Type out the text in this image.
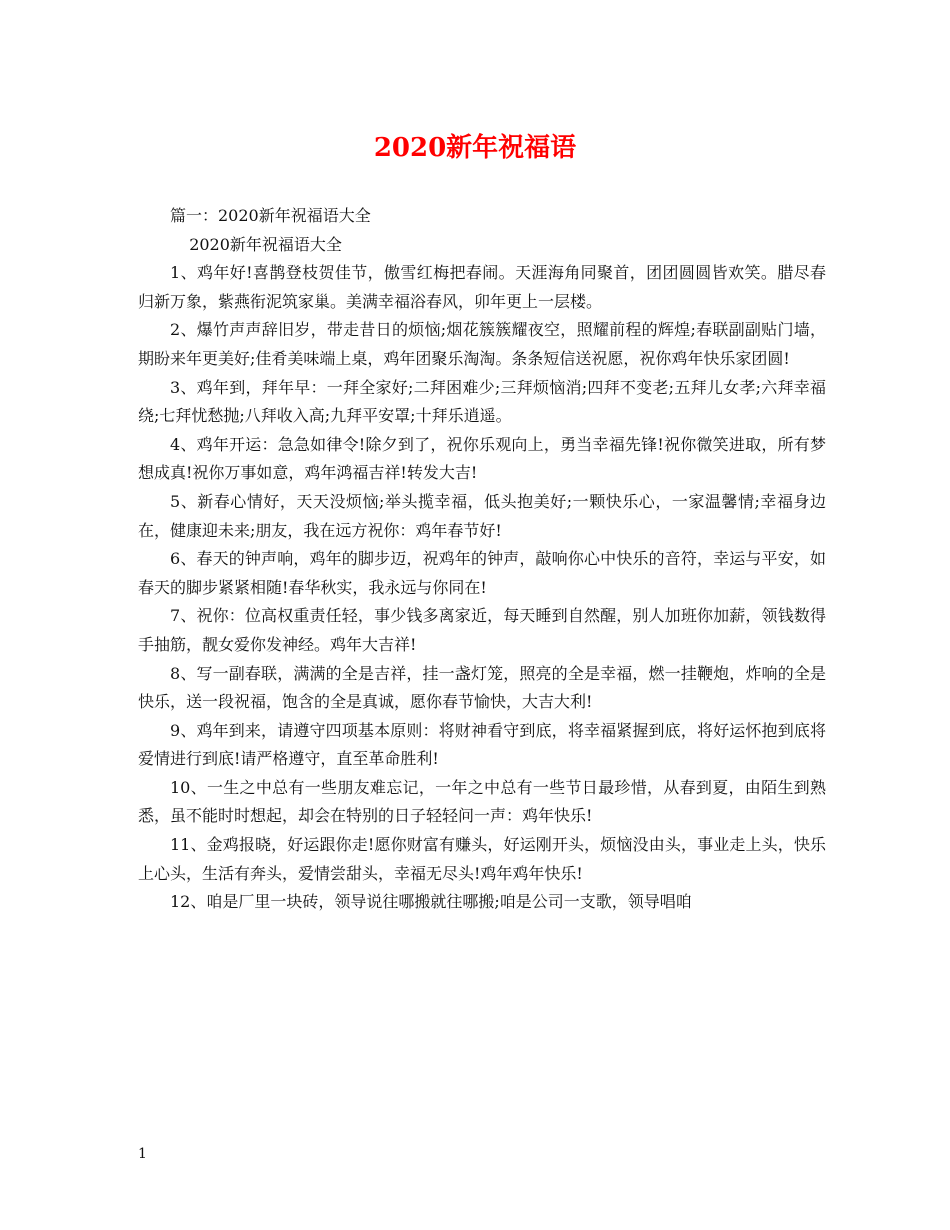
2020新年祝福语

篇一：2020新年祝福语大全

2020新年祝福语大全

1、鸡年好!喜鹊登枝贺佳节，傲雪红梅把春闹。天涯海角同聚首，团团圆圆皆欢笑。腊尽春归新万象，紫燕衔泥筑家巢。美满幸福浴春风，卯年更上一层楼。

2、爆竹声声辞旧岁，带走昔日的烦恼;烟花簇簇耀夜空，照耀前程的辉煌;春联副副贴门墙，期盼来年更美好;佳肴美味端上桌，鸡年团聚乐淘淘。条条短信送祝愿，祝你鸡年快乐家团圆!

3、鸡年到，拜年早：一拜全家好;二拜困难少;三拜烦恼消;四拜不变老;五拜儿女孝;六拜幸福绕;七拜忧愁抛;八拜收入高;九拜平安罩;十拜乐逍遥。

4、鸡年开运：急急如律令!除夕到了，祝你乐观向上，勇当幸福先锋!祝你微笑进取，所有梦想成真!祝你万事如意，鸡年鸿福吉祥!转发大吉!

5、新春心情好，天天没烦恼;举头揽幸福，低头抱美好;一颗快乐心，一家温馨情;幸福身边在，健康迎未来;朋友，我在远方祝你：鸡年春节好!

6、春天的钟声响，鸡年的脚步迈，祝鸡年的钟声，敲响你心中快乐的音符，幸运与平安，如春天的脚步紧紧相随!春华秋实，我永远与你同在!

7、祝你：位高权重责任轻，事少钱多离家近，每天睡到自然醒，别人加班你加薪，领钱数得手抽筋，靓女爱你发神经。鸡年大吉祥!

8、写一副春联，满满的全是吉祥，挂一盏灯笼，照亮的全是幸福，燃一挂鞭炮，炸响的全是快乐，送一段祝福，饱含的全是真诚，愿你春节愉快，大吉大利!

9、鸡年到来，请遵守四项基本原则：将财神看守到底，将幸福紧握到底，将好运怀抱到底将爱情进行到底!请严格遵守，直至革命胜利!

10、一生之中总有一些朋友难忘记，一年之中总有一些节日最珍惜，从春到夏，由陌生到熟悉，虽不能时时想起，却会在特别的日子轻轻问一声：鸡年快乐!

11、金鸡报晓，好运跟你走!愿你财富有赚头，好运刚开头，烦恼没由头，事业走上头，快乐上心头，生活有奔头，爱情尝甜头，幸福无尽头!鸡年鸡年快乐!

12、咱是厂里一块砖，领导说往哪搬就往哪搬;咱是公司一支歌，领导唱咱

1
